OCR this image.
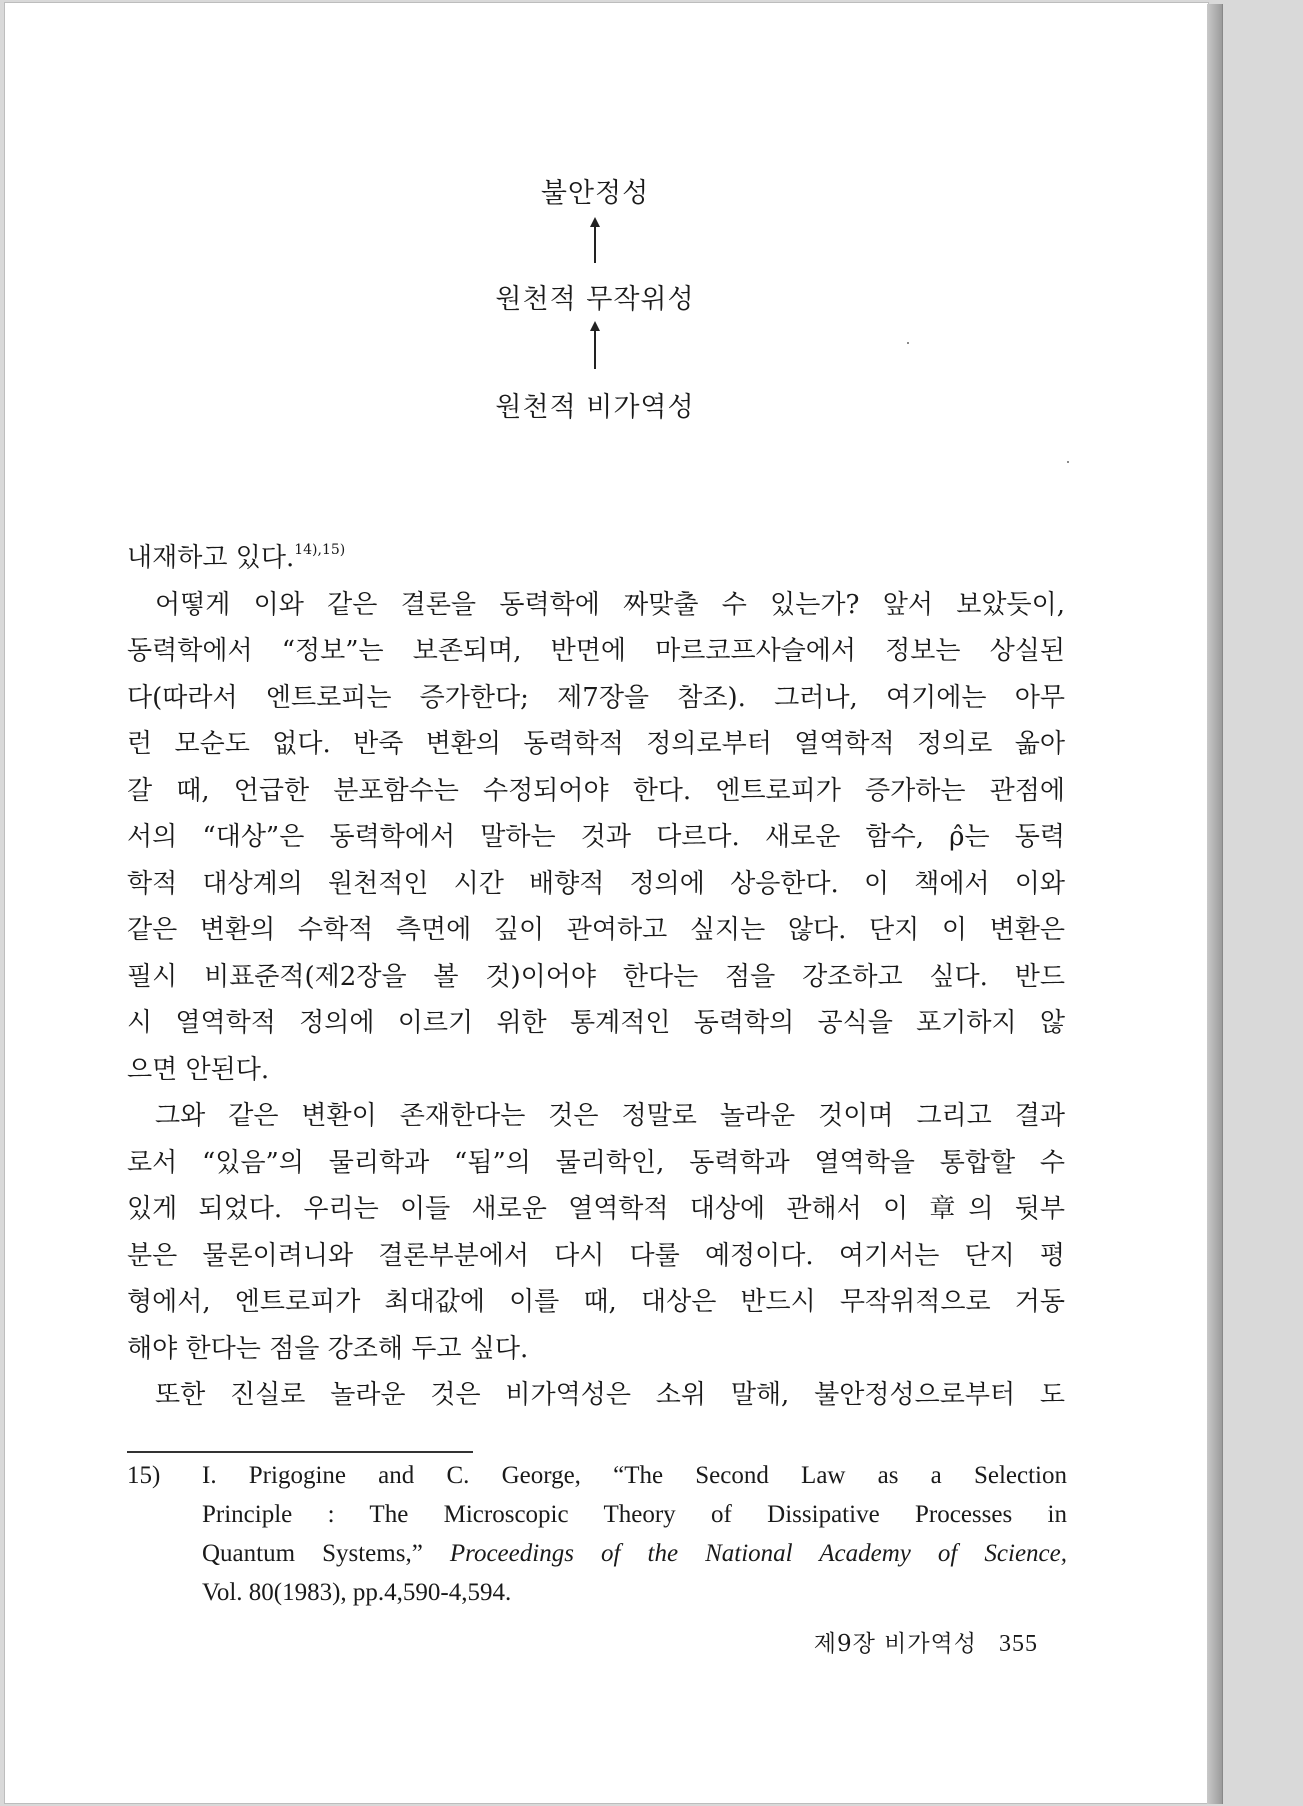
불안정성
원천적 무작위성
원천적 비가역성
내재하고 있다.$^{14),15)}$
어떻게 이와 같은 결론을 동력학에 짜맞출 수 있는가? 앞서 보았듯이,
동력학에서 “정보”는 보존되며, 반면에 마르코프사슬에서 정보는 상실된
다(따라서 엔트로피는 증가한다; 제7장을 참조). 그러나, 여기에는 아무
런 모순도 없다. 반죽 변환의 동력학적 정의로부터 열역학적 정의로 옮아
갈 때, 언급한 분포함수는 수정되어야 한다. 엔트로피가 증가하는 관점에
서의 “대상”은 동력학에서 말하는 것과 다르다. 새로운 함수, ρ̂는 동력
학적 대상계의 원천적인 시간 배향적 정의에 상응한다. 이 책에서 이와
같은 변환의 수학적 측면에 깊이 관여하고 싶지는 않다. 단지 이 변환은
필시 비표준적(제2장을 볼 것)이어야 한다는 점을 강조하고 싶다. 반드
시 열역학적 정의에 이르기 위한 통계적인 동력학의 공식을 포기하지 않
으면 안된다.
그와 같은 변환이 존재한다는 것은 정말로 놀라운 것이며 그리고 결과
로서 “있음”의 물리학과 “됨”의 물리학인, 동력학과 열역학을 통합할 수
있게 되었다. 우리는 이들 새로운 열역학적 대상에 관해서 이 章의 뒷부
분은 물론이려니와 결론부분에서 다시 다룰 예정이다. 여기서는 단지 평
형에서, 엔트로피가 최대값에 이를 때, 대상은 반드시 무작위적으로 거동
해야 한다는 점을 강조해 두고 싶다.
또한 진실로 놀라운 것은 비가역성은 소위 말해, 불안정성으로부터 도
15) I. Prigogine and C. George, “The Second Law as a Selection
Principle : The Microscopic Theory of Dissipative Processes in
Quantum Systems,” Proceedings of the National Academy of Science,
Vol. 80(1983), pp.4,590-4,594.
제9장 비가역성 355
